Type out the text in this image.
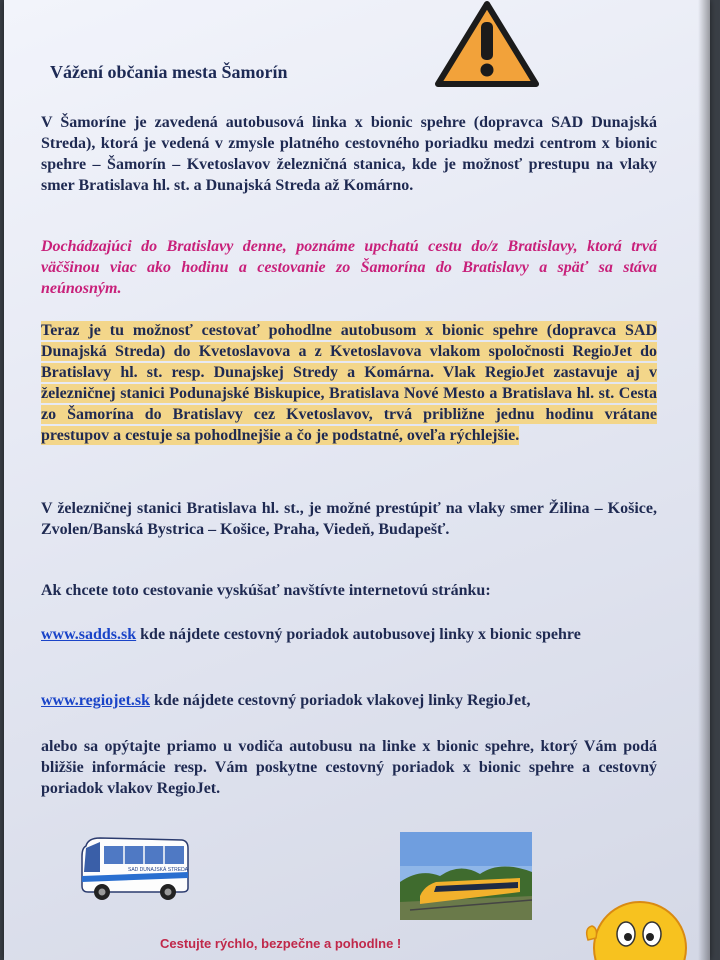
Vážení občania mesta Šamorín

V Šamoríne je zavedená autobusová linka x bionic spehre (dopravca SAD Dunajská Streda), ktorá je vedená v zmysle platného cestovného poriadku medzi centrom x bionic spehre – Šamorín – Kvetoslavov železničná stanica, kde je možnosť prestupu na vlaky smer Bratislava hl. st. a Dunajská Streda až Komárno.

Dochádzajúci do Bratislavy denne, poznáme upchatú cestu do/z Bratislavy, ktorá trvá väčšinou viac ako hodinu a cestovanie zo Šamorína do Bratislavy a späť sa stáva neúnosným.

Teraz je tu možnosť cestovať pohodlne autobusom x bionic spehre (dopravca SAD Dunajská Streda) do Kvetoslavova a z Kvetoslavova vlakom spoločnosti RegioJet do Bratislavy hl. st. resp. Dunajskej Stredy a Komárna. Vlak RegioJet zastavuje aj v železničnej stanici Podunajské Biskupice, Bratislava Nové Mesto a Bratislava hl. st. Cesta zo Šamorína do Bratislavy cez Kvetoslavov, trvá približne jednu hodinu vrátane prestupov a cestuje sa pohodlnejšie a čo je podstatné, oveľa rýchlejšie.

V železničnej stanici Bratislava hl. st., je možné prestúpiť na vlaky smer Žilina – Košice, Zvolen/Banská Bystrica – Košice, Praha, Viedeň, Budapešť.

Ak chcete toto cestovanie vyskúšať navštívte internetovú stránku:

www.sadds.sk kde nájdete cestovný poriadok autobusovej linky x bionic spehre

www.regiojet.sk kde nájdete cestovný poriadok vlakovej linky RegioJet,

alebo sa opýtajte priamo u vodiča autobusu na linke x bionic spehre, ktorý Vám podá bližšie informácie resp. Vám poskytne cestovný poriadok x bionic spehre a cestovný poriadok vlakov RegioJet.

SAD DUNAJSKÁ STREDA
Cestujte rýchlo, bezpečne a pohodlne !
